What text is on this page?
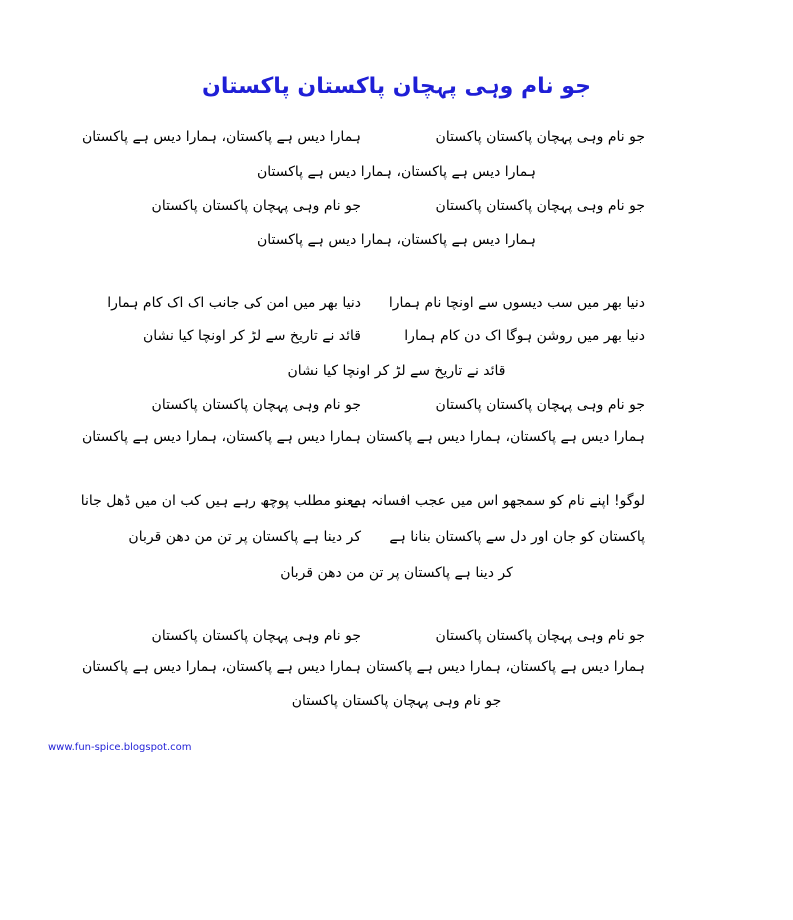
جو نام وہی پہچان پاکستان پاکستان
جو نام وہی پہچان پاکستان پاکستان
ہمارا دیس ہے پاکستان، ہمارا دیس ہے پاکستان
ہمارا دیس ہے پاکستان، ہمارا دیس ہے پاکستان
جو نام وہی پہچان پاکستان پاکستان
جو نام وہی پہچان پاکستان پاکستان
ہمارا دیس ہے پاکستان، ہمارا دیس ہے پاکستان
دنیا بھر میں سب دیسوں سے اونچا نام ہمارا
دنیا بھر میں امن کی جانب اک اک کام ہمارا
دنیا بھر میں روشن ہوگا اک دن کام ہمارا
قائد نے تاریخ سے لڑ کر اونچا کیا نشان
قائد نے تاریخ سے لڑ کر اونچا کیا نشان
جو نام وہی پہچان پاکستان پاکستان
جو نام وہی پہچان پاکستان پاکستان
ہمارا دیس ہے پاکستان، ہمارا دیس ہے پاکستان
ہمارا دیس ہے پاکستان، ہمارا دیس ہے پاکستان
لوگو! اپنے نام کو سمجھو اس میں عجب افسانہ ہے
معنو مطلب پوچھ رہے ہیں کب ان میں ڈھل جانا
پاکستان کو جان اور دل سے پاکستان بنانا ہے
کر دینا ہے پاکستان پر تن من دھن قربان
کر دینا ہے پاکستان پر تن من دھن قربان
جو نام وہی پہچان پاکستان پاکستان
جو نام وہی پہچان پاکستان پاکستان
ہمارا دیس ہے پاکستان، ہمارا دیس ہے پاکستان
ہمارا دیس ہے پاکستان، ہمارا دیس ہے پاکستان
جو نام وہی پہچان پاکستان پاکستان
www.fun-spice.blogspot.com
